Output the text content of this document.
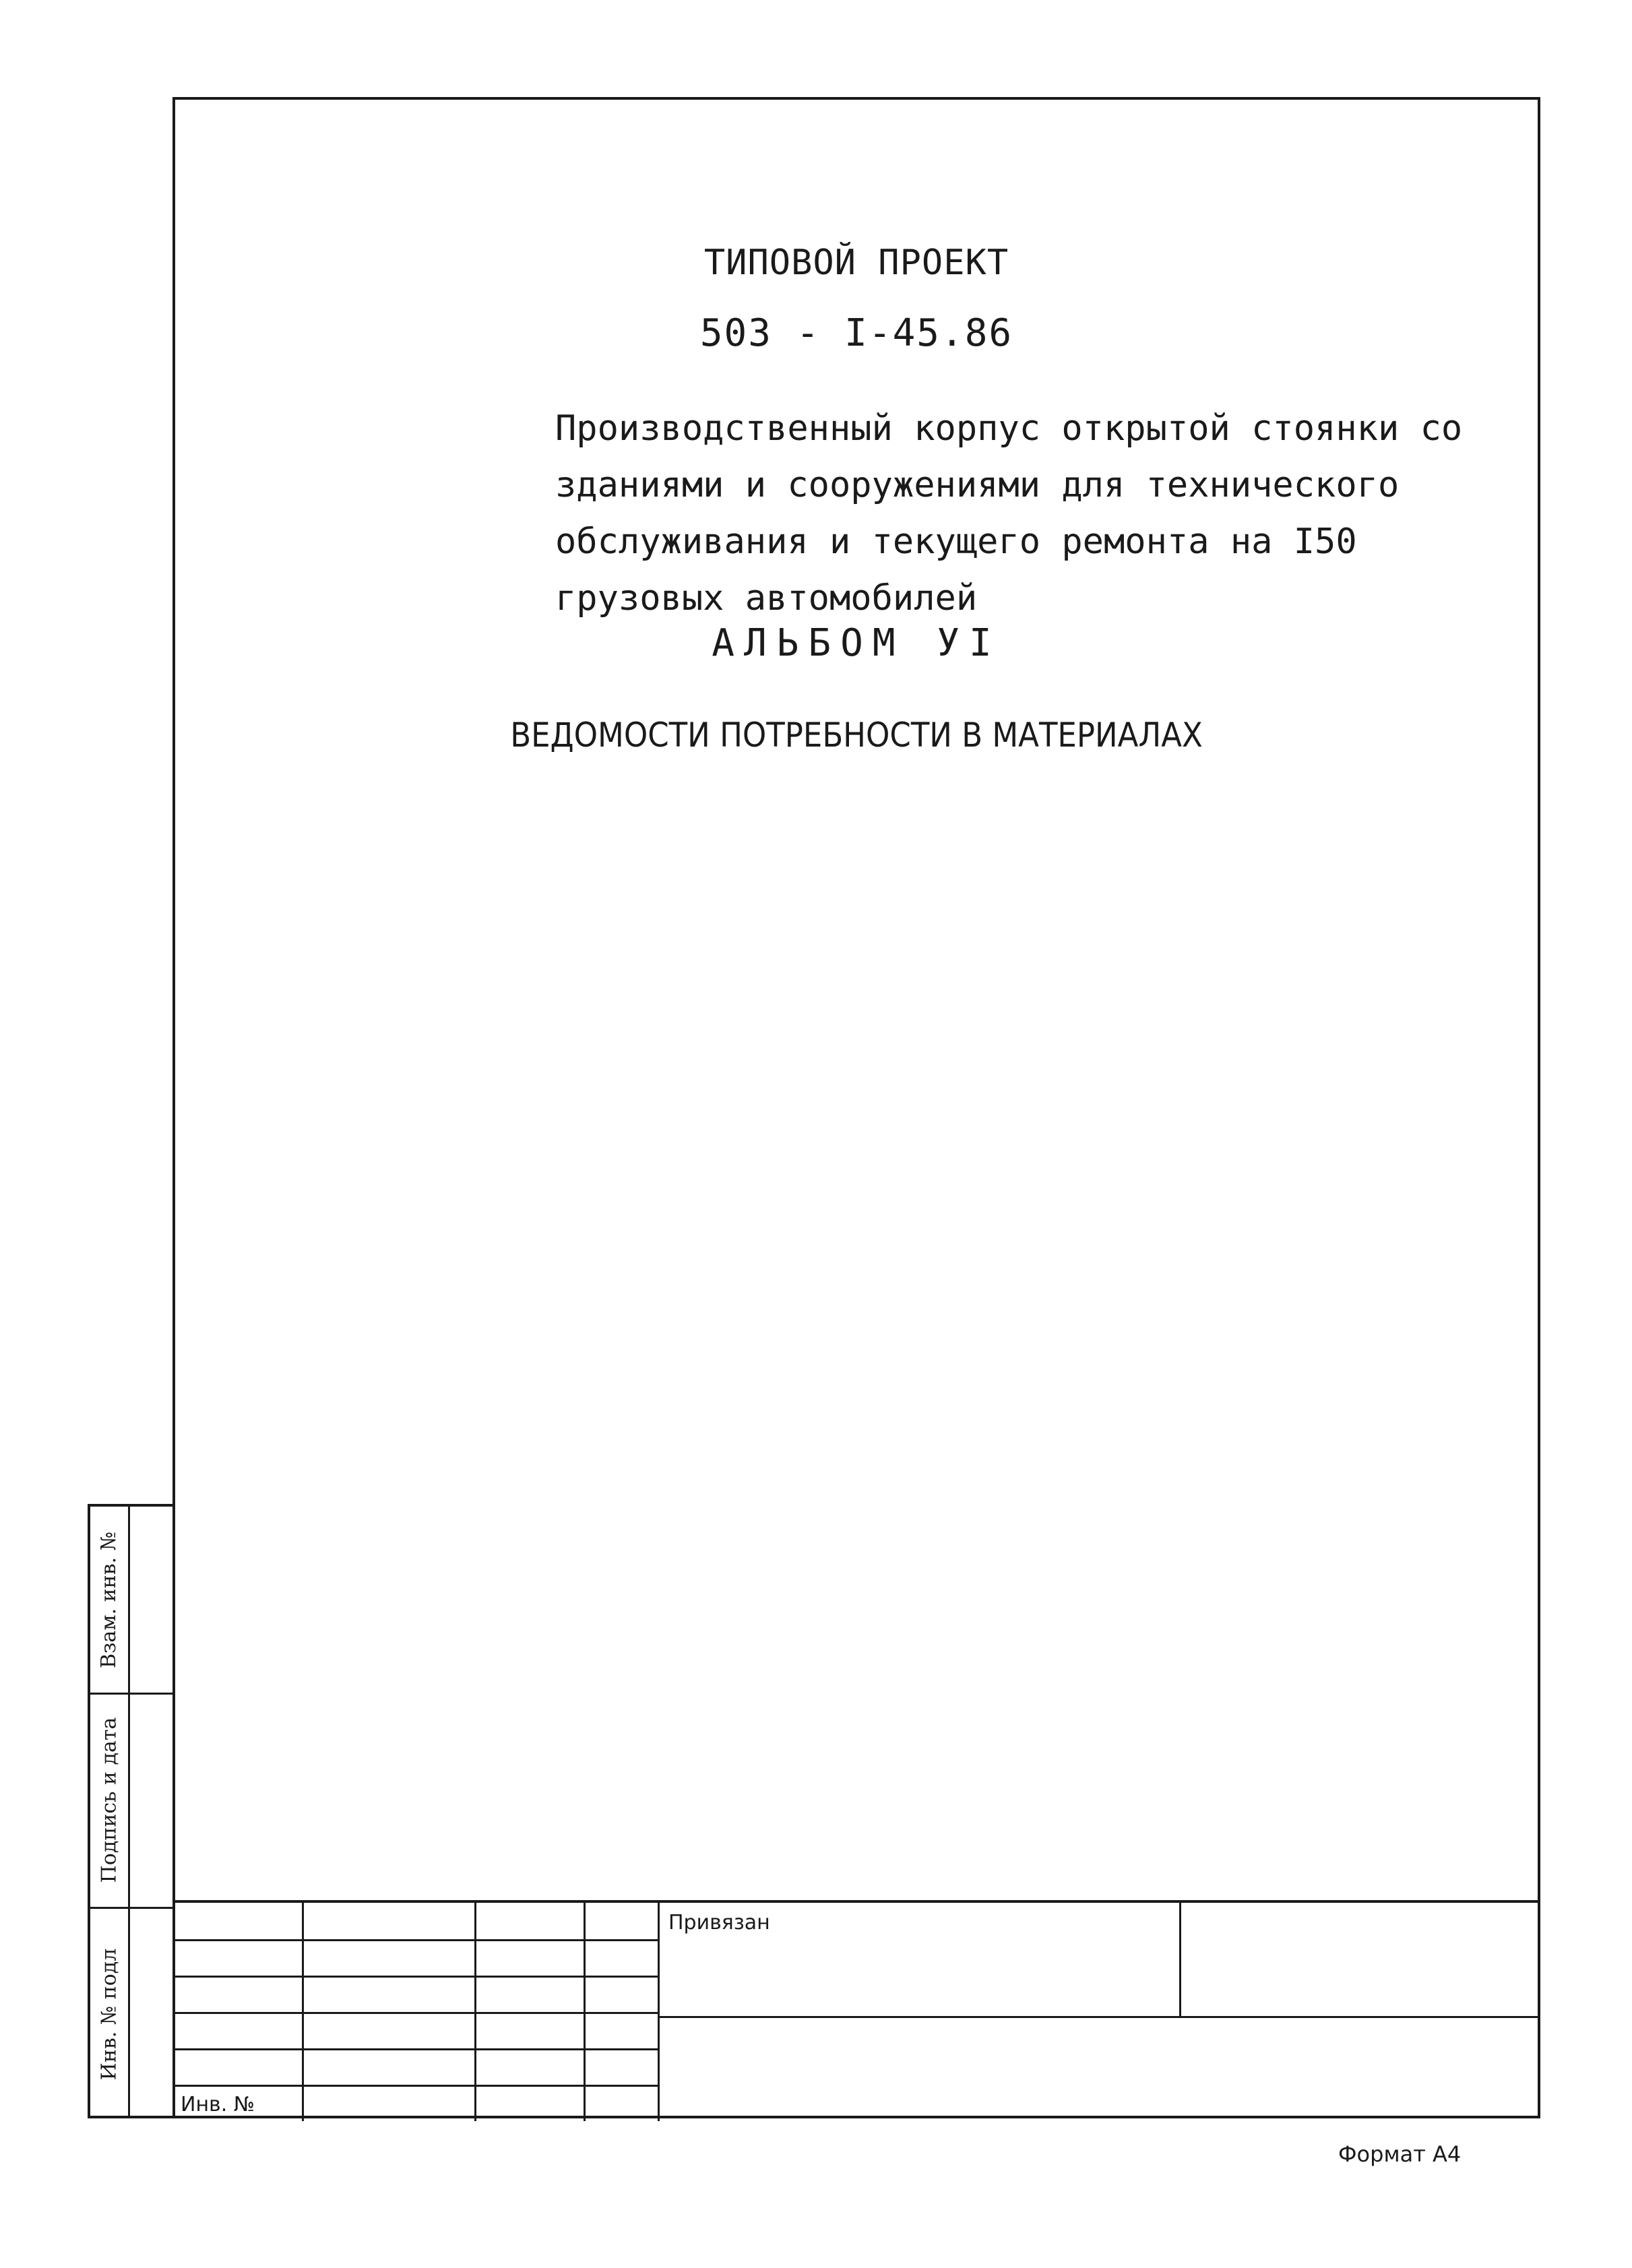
ТИПОВОЙ ПРОЕКТ
503 - I-45.86
Производственный корпус открытой стоянки со
зданиями и сооружениями для технического
обслуживания и текущего ремонта на I50
грузовых автомобилей
АЛЬБОМ УI
ВЕДОМОСТИ ПОТРЕБНОСТИ В МАТЕРИАЛАХ
Взам. инв. №
Подпись и дата
Инв. № подл
Привязан
Инв. №
Формат А4
